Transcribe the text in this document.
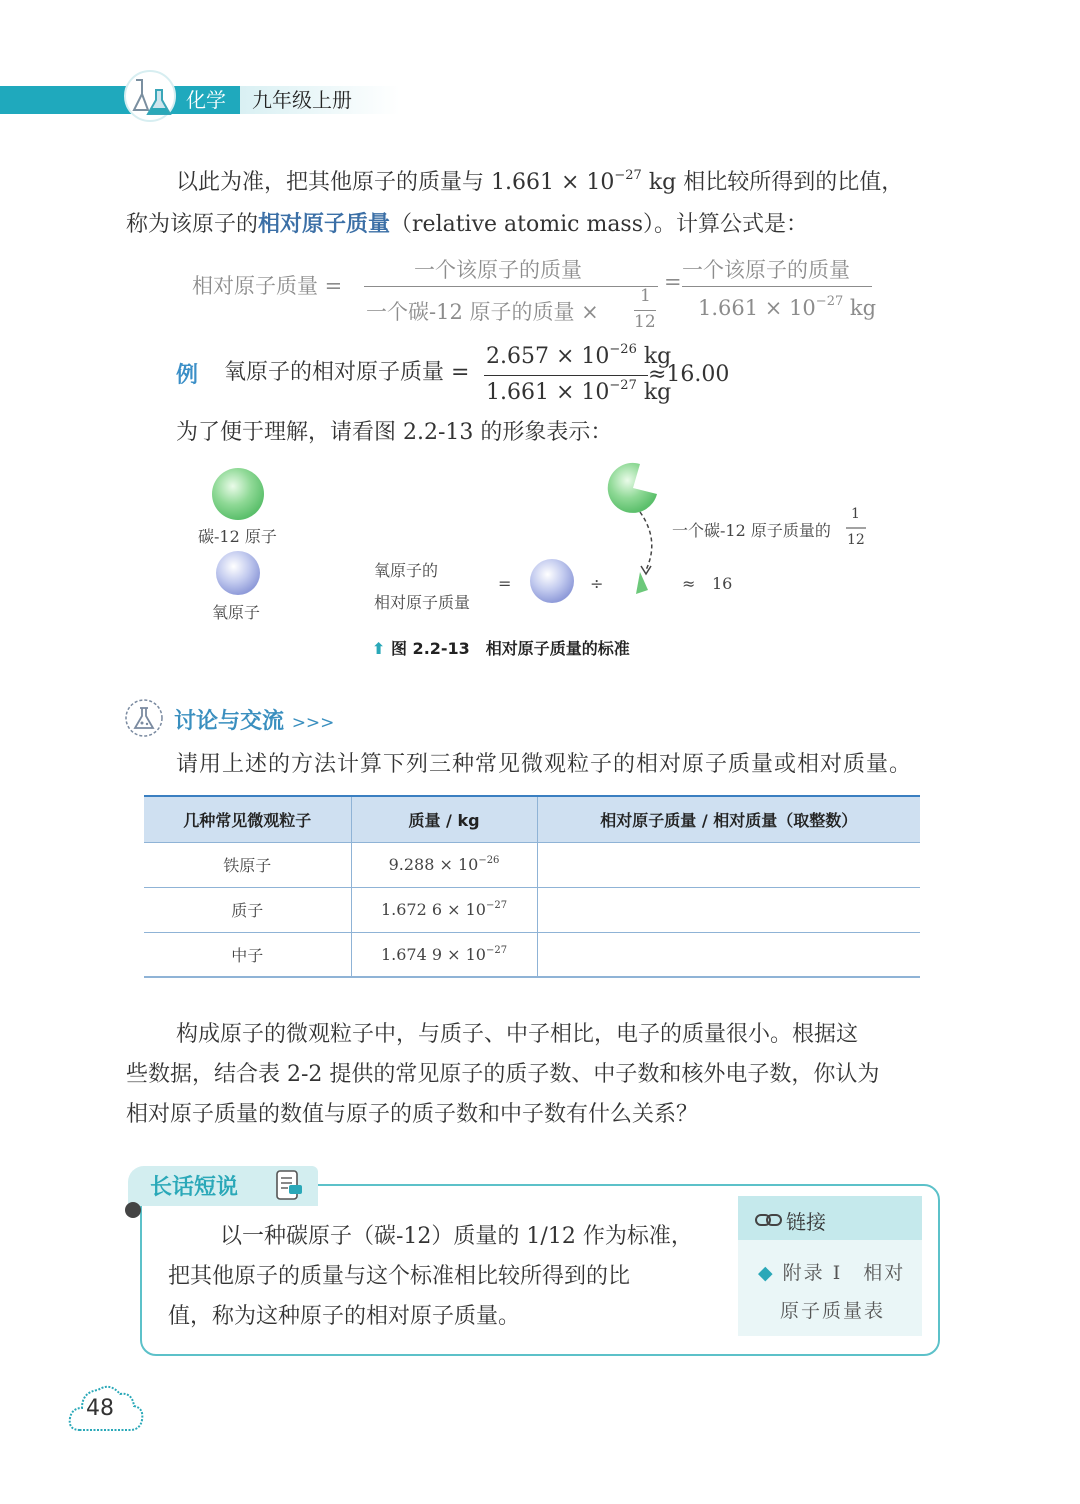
化学 九年级上册
以此为准，把其他原子的质量与 $1.661 \times 10^{-27}$ kg 相比较所得到的比值，
称为该原子的相对原子质量（relative atomic mass）。计算公式是：
相对原子质量 =
一个该原子的质量
一个碳-12 原子的质量 ×
1
12
= 一个该原子的质量
$1.661 \times 10^{-27}$ kg
例 氧原子的相对原子质量 =
$2.657 \times 10^{-26}$ kg
$1.661 \times 10^{-27}$ kg
≈16.00
为了便于理解，请看图 2.2-13 的形象表示：
碳-12 原子
氧原子
氧原子的
相对原子质量
=	÷	≈ 16
一个碳-12 原子质量的
1
12
⬆ 图 2.2-13　相对原子质量的标准
讨论与交流 >>>
请用上述的方法计算下列三种常见微观粒子的相对原子质量或相对质量。
几种常见微观粒子	质量 / kg	相对原子质量 / 相对质量（取整数）
铁原子	$9.288 \times 10^{-26}$	
质子	1.672 $6 \times 10^{-27}$	
中子	1.674 $9 \times 10^{-27}$	
构成原子的微观粒子中，与质子、中子相比，电子的质量很小。根据这
些数据，结合表 2-2 提供的常见原子的质子数、中子数和核外电子数，你认为
相对原子质量的数值与原子的质子数和中子数有什么关系？
长话短说
以一种碳原子（碳-12）质量的 1/12 作为标准，
把其他原子的质量与这个标准相比较所得到的比
值，称为这种原子的相对原子质量。
链接
◆ 附录 I　相对
原子质量表
48
